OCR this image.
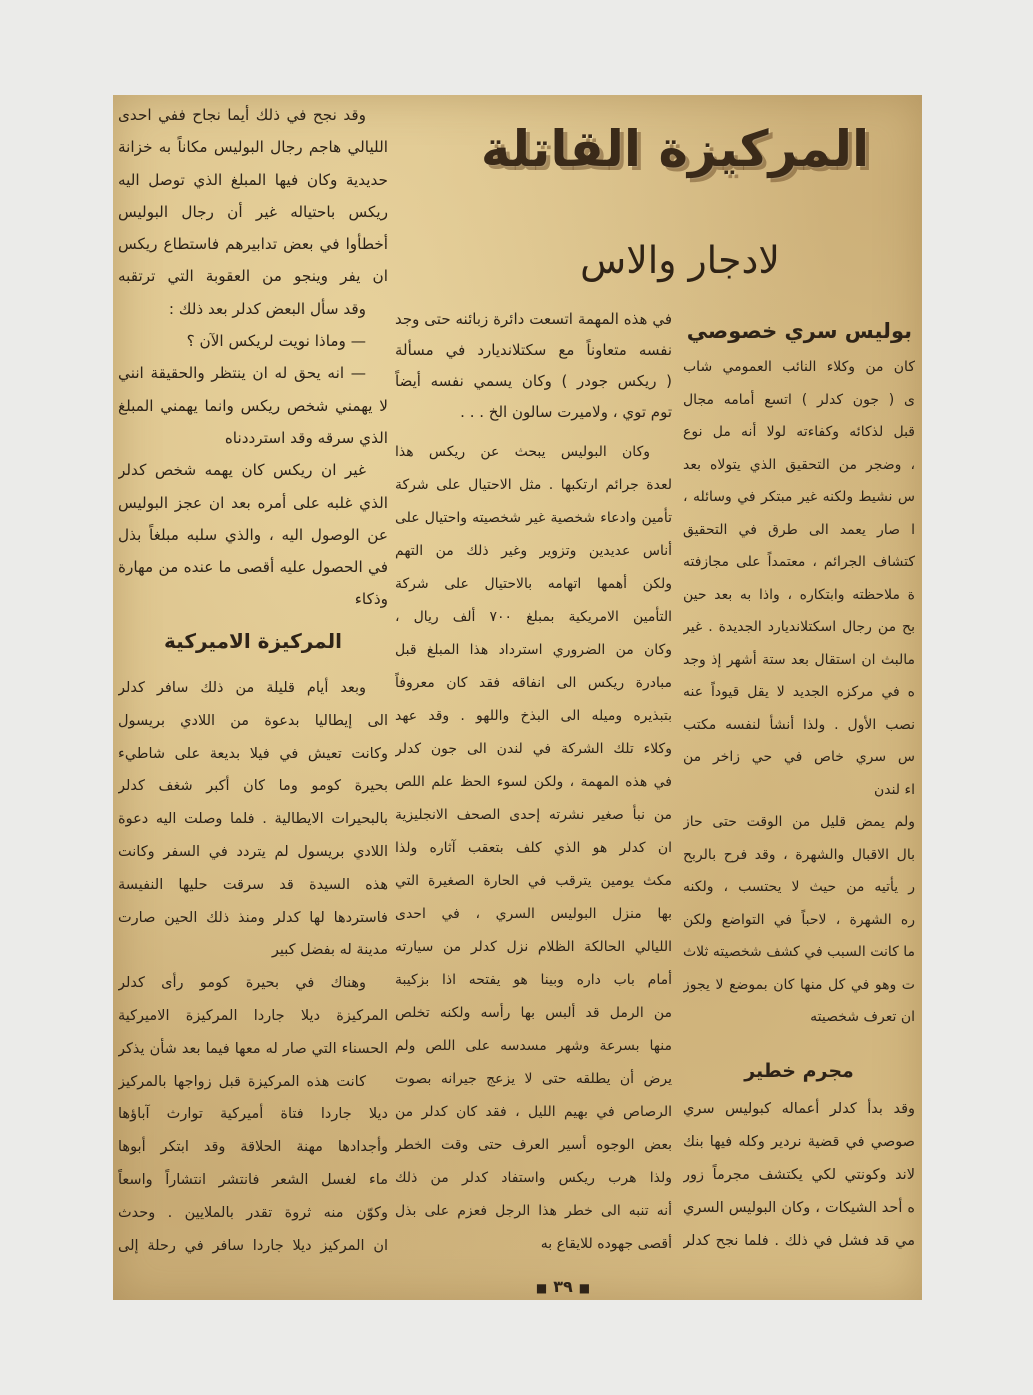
المركيزة القاتلة
لادجار والاس
بوليس سري خصوصي
كان من وكلاء النائب العمومي شاب
ى ( جون كدلر ) اتسع أمامه مجال
قبل لذكائه وكفاءته لولا أنه مل نوع
، وضجر من التحقيق الذي يتولاه بعد
س نشيط ولكنه غير مبتكر في وسائله ،
ا صار يعمد الى طرق في التحقيق
كتشاف الجرائم ، معتمداً على مجازفته
ة ملاحظته وابتكاره ، واذا به بعد حين
بح من رجال اسكتلانديارد الجديدة . غير
مالبث ان استقال بعد ستة أشهر إذ وجد
ه في مركزه الجديد لا يقل قيوداً عنه
نصب الأول . ولذا أنشأ لنفسه مكتب
س سري خاص في حي زاخر من
اء لندن
ولم يمض قليل من الوقت حتى حاز
بال الاقبال والشهرة ، وقد فرح بالربح
ر يأتيه من حيث لا يحتسب ، ولكنه
ره الشهرة ، لاحباً في التواضع ولكن
ما كانت السبب في كشف شخصيته ثلاث
ت وهو في كل منها كان بموضع لا يجوز
ان تعرف شخصيته
مجرم خطير
وقد بدأ كدلر أعماله كبوليس سري
صوصي في قضية نردير وكله فيها بنك
لاند وكونتي لكي يكتشف مجرماً زور
ه أحد الشيكات ، وكان البوليس السري
مي قد فشل في ذلك . فلما نجح كدلر
في هذه المهمة اتسعت دائرة زبائنه حتى وجد
نفسه متعاوناً مع سكتلانديارد في مسألة
( ريكس جودر ) وكان يسمي نفسه أيضاً
توم توي ، ولاميرت سالون الخ . . .
وكان البوليس يبحث عن ريكس هذا
لعدة جرائم ارتكبها . مثل الاحتيال على شركة
تأمين وادعاء شخصية غير شخصيته واحتيال على
أناس عديدين وتزوير وغير ذلك من التهم
ولكن أهمها اتهامه بالاحتيال على شركة
التأمين الامريكية بمبلغ ٧٠٠ ألف ريال ،
وكان من الضروري استرداد هذا المبلغ قبل
مبادرة ريكس الى انفاقه فقد كان معروفاً
بتبذيره وميله الى البذخ واللهو . وقد عهد
وكلاء تلك الشركة في لندن الى جون كدلر
في هذه المهمة ، ولكن لسوء الحظ علم اللص
من نبأ صغير نشرته إحدى الصحف الانجليزية
ان كدلر هو الذي كلف بتعقب آثاره ولذا
مكث يومين يترقب في الحارة الصغيرة التي
بها منزل البوليس السري ، في احدى
الليالي الحالكة الظلام نزل كدلر من سيارته
أمام باب داره وبينا هو يفتحه اذا بزكيبة
من الرمل قد ألبس بها رأسه ولكنه تخلص
منها بسرعة وشهر مسدسه على اللص ولم
يرض أن يطلقه حتى لا يزعج جيرانه بصوت
الرصاص في بهيم الليل ، فقد كان كدلر من
بعض الوجوه أسير العرف حتى وقت الخطر
ولذا هرب ريكس واستفاد كدلر من ذلك
أنه تنبه الى خطر هذا الرجل فعزم على بذل
أقصى جهوده للايقاع به
وقد نجح في ذلك أيما نجاح ففي احدى
الليالي هاجم رجال البوليس مكاناً به خزانة
حديدية وكان فيها المبلغ الذي توصل اليه
ريكس باحتياله غير أن رجال البوليس
أخطأوا في بعض تدابيرهم فاستطاع ريكس
ان يفر وينجو من العقوبة التي ترتقبه
وقد سأل البعض كدلر بعد ذلك :
— وماذا نويت لريكس الآن ؟
— انه يحق له ان ينتظر والحقيقة انني
لا يهمني شخص ريكس وانما يهمني المبلغ
الذي سرقه وقد استرددناه
غير ان ريكس كان يهمه شخص كدلر
الذي غلبه على أمره بعد ان عجز البوليس
عن الوصول اليه ، والذي سلبه مبلغاً بذل
في الحصول عليه أقصى ما عنده من مهارة
وذكاء
المركيزة الاميركية
وبعد أيام قليلة من ذلك سافر كدلر
الى إيطاليا بدعوة من اللادي بريسول
وكانت تعيش في فيلا بديعة على شاطيء
بحيرة كومو وما كان أكبر شغف كدلر
بالبحيرات الايطالية . فلما وصلت اليه دعوة
اللادي بريسول لم يتردد في السفر وكانت
هذه السيدة قد سرقت حليها النفيسة
فاستردها لها كدلر ومنذ ذلك الحين صارت
مدينة له بفضل كبير
وهناك في بحيرة كومو رأى كدلر
المركيزة ديلا جاردا المركيزة الاميركية
الحسناء التي صار له معها فيما بعد شأن يذكر
كانت هذه المركيزة قبل زواجها بالمركيز
ديلا جاردا فتاة أميركية توارث آباؤها
وأجدادها مهنة الحلاقة وقد ابتكر أبوها
ماء لغسل الشعر فانتشر انتشاراً واسعاً
وكوّن منه ثروة تقدر بالملايين . وحدث
ان المركيز ديلا جاردا سافر في رحلة إلى
■٣٩■
